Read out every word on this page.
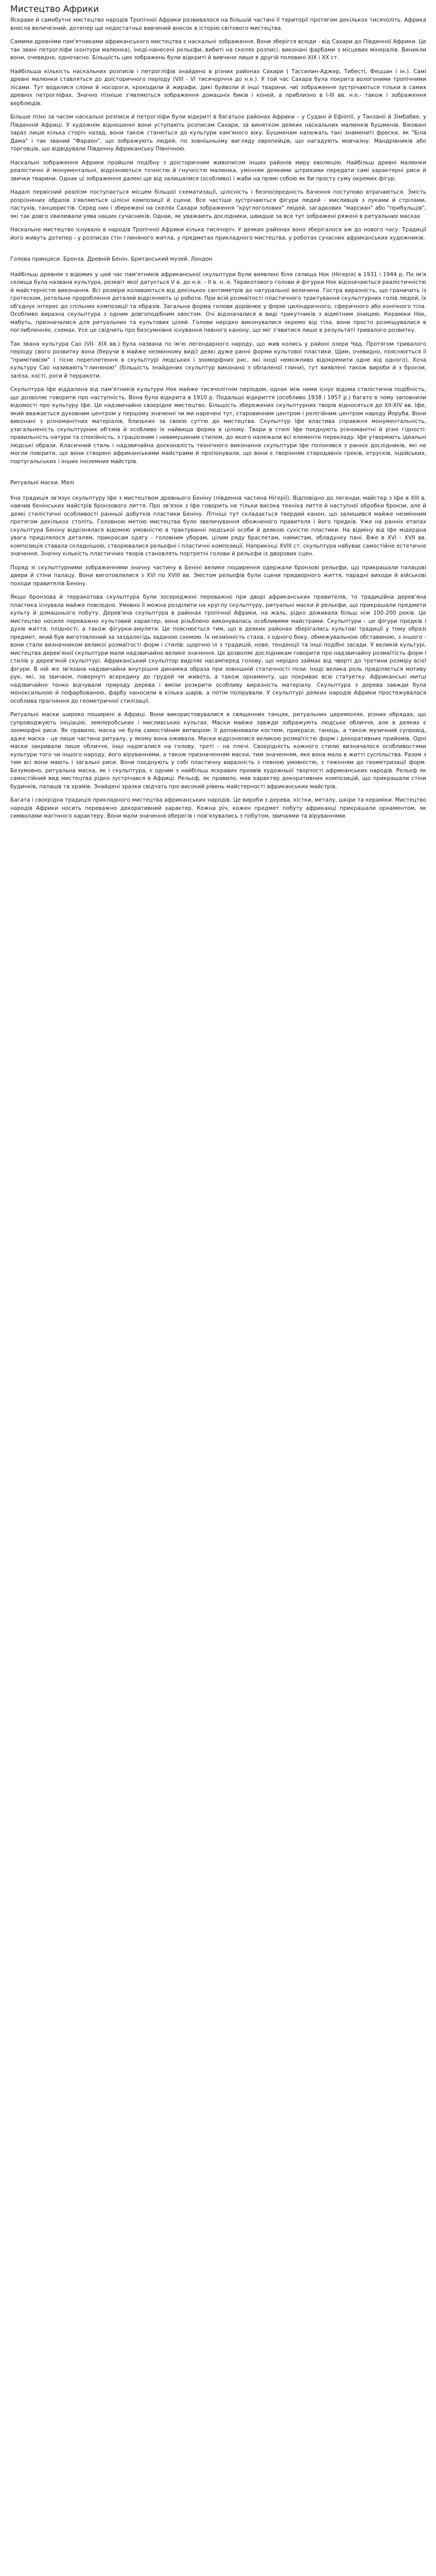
Мистецтво Африки

Яскраве й самобутнє мистецтво народів Тропічної Африки розвивалося на більшій частині її території протягом декількох тисячоліть. Африка внесла величезний, дотепер ще недостатньо вивчений внесок в історію світового мистецтва.

Самими древніми пам'ятниками африканського мистецтва є наскальні зображення. Вони зберігся всюди - від Сахари до Південної Африки. Це так звані петрогліфи (контури малюнка), іноді-нанесені рельєфи, вибиті на скелях розписі, виконані фарбами з місцевих мінералів. Виникли вони, очевидно, одночасно. Більшість цих зображень були відкриті й вивчене лише в другій половині XIX і XX ст.

Найбільша кількість наскальних розписів і петрогліфів знайдено в різних районах Сахари ( Тассилин-Аджер, Тибесті, Феццан і ін.). Самі древні малюнки ставляться до доісторичного періоду (VIII - VI тисячоріччя до н.е.). У той час Сахара була покрита вологоними тропічними лісами. Тут водилися слони й носороги, крокодили й жирафи, дикі буйволи й інші тварини, чиї зображення зустрічаються тільки в самих древніх петрогліфах. Значно пізніше з'являються зображення домашніх биків і коней, а приблизно в I-III вв. н.е.- також і зображення верблюдів.

Більше пізні за часом наскальні розписи й петрогліфи були відкриті в багатьох районах Африки – у Судані й Ефіопії, у Танзанії й Зімбабве, у Південній Африці. У художнім відношенні вони уступають розписам Сахари, за винятком деяких наскальних малюнків бушменів. Віковані зараз лише кілька сторіч назад, вони також станються до культури кам'яного віку. Бушменам належать такі знамениті фрески, як "Біла Дама" і так званий "Фараон", що зображують людей, по зовнішньому вигляду європейців, що нагадують мовчазну. Мандрівників або торговців, що відвідували Південну Африканську Північною.

Наскальні зображення Африки пройшли подібну з доісторичним живописом інших районів миру еволюцію. Найбільш древні малюнки реалістичні й монументальні, відрізняються точністю й гнучкістю малюнка, умінням деякими штрихами передати самі характерні риси й звички тварини. Однак ці зображення далекі ще від залишалися (особливо) і жаби на прямі собою як би просту суму окремих фігур.

Надалі первісний реалізм поступається місцем більшої схематизації, цілісність і безпосередність бачення поступово втрачаються. Змість розрізнених образів з'являються цілісні композиції й сцени. Все частіше зустрічаються фігури людей - мисливців з луками й стрілами, пастухів, танцюристів. Серед них і збережені на скелях Сахари зображення "круглоголових" людей, загадкових "марсиан" або "прибульців", які так довго хвилювали уява наших сучасників. Однак, як уважають дослідники, швидше за все тут зображені ряжені в ритуальних масках

Наскальне мистецтво існувало в народів Тропічної Африки кілька тисячоріч. У деяких районах воно зберігалося аж до нового часу. Традиції його живуть дотепер - у розписах стін глиняного житла, у предметах прикладного мистецтва, у роботах сучасних африканських художників.

Голова принцеси. Бронза. Древній Бенін. Британський музей. Лондон

Найбільш древнім з відомих у цей час пам'ятників африканської скульптури були виявлені біля селища Нок (Нігерія) в 1931 і 1944 р. По ім'я селища була названа культура, розквіт якої датується V в. до н.е. - II в. н. е. Теракотового голови й фігурки Нок відзначаються реалістичністю й майстерністю виконання. Всі розміри коливаються від декількох сантиметрів до натуральної величини. Гостра виразність, що граничить із гротеском, ретельне пророблення деталей відрізняють ці роботи. При всій розмаїтості пластичного трактування скульптурних голів людей, їх об'єднує інтерес до спільних композиції та образів. Загальна форма голови дорівнює у формі циліндричного, сферичного або конічного тіла. Особливо виразна скульптура з одним довгоподібним хвостом. Очі відзначалися в виді трикутників з відмітним зіницею. Кераміки Нок, мабуть, призначалися для ритуальних та культових цілей. Голови нерідко виконувалися окремо від тіла, вони просто розміщувалися в поглибленнях, схемах. Усе це свідчить про безсумнівне існування певного канону, що міг з'явитися лише в результаті тривалого розвитку.

Так звана культура Сао (VII- XIX вв.) була названа по ім'ю легендарного народу, що жив колись у районі озера Чад. Протягом тривалого періоду свого розвитку вона (беручи в майже незмінному виді) деякі дуже ранні форми культової пластики. Щим, очевидно, пояснюється її "примітивізм" ( тісне переплетення в скульптурі людських і зооморфних рис, які іноді неможливо відокремити одне від одного). Хоча культуру Сао називають"глиняною" (більшість знайдених скульптур виконано з обпаленої глини), тут виявлені також вироби й з бронзи, заліза, кості, роги й терракоти.

Скульптура Іфе віддалена від пам'ятників культури Нок майже тисячолітнім періодом, однак між ними існує відома стилістична подібність, що дозволяє говорити про наступність. Вона була відкрита в 1910 р. Подальші відкриття (особливо 1938 і 1957 р.) багато в чому заповнили відомості про культуру Іфе. Це надзвичайно своєрідне мистецтво. Більшість збережених скульптурних творів відносяться до XII-XIV вв. Іфе, який вважається духовним центром у першому значенні чи ми наречені тут, старовинним центром і релігійним центром народу Йоруба. Вони виконані з різноманітних матеріалів, близьких за своєю суттю до мистецтва. Скульптур Іфе властива справжня монументальність, узагальненість скульптурних об'ємів й особливо їх найвища форма в цілому. Твори в стилі Іфе поєднують різноманітні й різні гідності: правильність натури та спокійність, з граціозним і невимушеним стилем, до якого належали всі елементи перекладу. Іфе утворюють ідеальні людські образи. Класичний стиль і надзвичайна досконалість технічного виконання скульптури Іфе полонявся з ранніх дослідників, які не могли повірити, що вони створені африканськими майстрами й пропонували, що вони є творінням стародавніх греків, етрусків, індійських, португальських і інших іноземних майстрів.

Ритуальні маски. Малі

Уна традиція зв'язує скульптуру Іфе з мистецтвом древнього Беніну (південна частина Нігерії). Відповідно до легенди, майстер з Іфе в XIII в. навчив бенінських майстрів бронзового лиття. Про зв'язок з Іфе говорить не тільки висока техніка лиття й наступної обробки бронзи, але й деякі стилістичні особливості ранньої добутків пластики Беніну. Літніші тут складається твердий канон, що залишився майже незмінним протягом декількох століть. Головною метою мистецтва було звеличування обожненого правителя і його предків. Уже на ранніх етапах скульптура Беніну відрізнялася відомою умовністю в трактуванні людської особи й деякою сухістю пластики. На відміну від Іфе мідердна увага приділялося деталям, прикрасам одягу - головним уборам, цілим ряду браслетам, намистам, обладунку пані. Вже в XVI - XVII вв. композиція ставала складнішою, створювалися рельєфні і пластичні композиції. Наприкінці XVIII ст. скульптура набуває самостійне естетичне значення. Значну кількість пластичних творів становлять портретні голови й рельєфи із дворових сцен.

Поряд зі скульптурними зображеннями значну частину в Беніні велике поширення одержали бронзові рельєфи, що прикрашали палацові двери й стіни палацу. Вони виготовлялися з XVI по XVIII вв. Змістом рельєфів були сцени придворного життя, парадні виходи й військові походи правителів Беніну.

Якщо бронзова й терракотова скульптура були зосереджені переважно при дворі африканських правителів, то традиційна дерев'яна пластика існувала майже повсюдно. Умовно її можна розділити на круглу скульптуру, ритуальні маски й рельєфи, що прикрашали предмети культу й домашнього побуту. Дерев'яна скульптура в районах тропічної Африки, на жаль, рідко доживала більш ніж 100-200 років. Це мистецтво носило переважно культовий характер, вона різьблено виконувалась особливими майстрами. Скульптури - це фігури предків і духів життя, плідності, а також фігурки-амулети. Це пояснюється тим, що в деяких районах зберігались культові традиції у тому образі предмет, який був виготовлений за заздалегідь заданою схемою. Їх незмінність стала, з одного боку, обмежувальною обставиною, з іншого - вони стали визначником великої розмаїтості форм і стилів: щорічно іл з традицій, нове, тенденції та інші подібні засади. У великій культурі, мистецтва дерев'яної скульптури мали надзвичайно велике значення. Це дозволяє дослідникам говорити про надзвичайну розмаїтість форм і стилів у дерев'яній скульптурі. Африканський скульптор виділяє насамперед голову, що нерідко займає від чверті до третини розміру всієї фігури. В ній же зв'язана надзвичайна внутрішня динаміка образа при зовнішній статичності пози. Іноді велика роль приділяється мотиву рук, які, за звичаєм, повернуті всередину до грудей чи живота, а також орнаменту, що покриває всю статуетку. Африканські митці надзвичайно тонко відчували природу дерева і вміли розкрити особливу виразність матеріалу. Скульптура з дерева завжди була моноксильною й пофарбованою, фарбу наносили в кілька шарів, а потім полірували. У скульптурі деяких народів Африки простежувалася особлива прагнення до геометричної стилізації.

Ритуальні маски широко поширені в Африці. Вони використовувалися в священних танцях, ритуальних церемоніях, різних обрядах, що супроводжують ініціацію, землеробських і мисливських культах. Маски майже завжди зображують людське обличчя, але в деяких є зооморфні риси. Як правило, маска не була самостійним витвором: її доповнювали костюм, прикраси, танець, а також музичний супровід, адже маска - це лише частина ритуалу, у якому вона оживала. Маски відрізнялися великою розмаїтістю форм і декоративних прийомів. Одні маски закривали лише обличчя, інші надягалися на голову, треті - на плечі. Своєрідність кожного стилю визначалося особливостями культури того чи іншого народу, його віруваннями, а також призначенням маски, тим значенням, яке вона мала в житті суспільства. Разом з тим всі вони мають і загальні риси. Вони поєднують у собі пластичну виразність з певною умовністю, з тяжінням до геометризації форм. Безумовно, ритуальна маска, як і скульптура, є одним з найбільш яскравих проявів художньої творчості африканських народів. Рельєф як самостійний вид мистецтва рідко зустрічався в Африці. Рельєф, як правило, мав характер декоративних композицій, що прикрашали стіни будинків, палаців та храмів. Знайдені зразки свідчать про високий рівень майстерності африканських майстрів.

Багата і своєрідна традиція прикладного мистецтва африканських народів. Це вироби з дерева, кістки, металу, шкіри та кераміки. Мистецтво народів Африки носить переважно декоративний характер. Кожна річ, кожен предмет побуту африканці прикрашали орнаментом, як символами магічного характеру. Вони мали значення оберегів і пов'язувались з побутом, звичаями та віруваннями.
